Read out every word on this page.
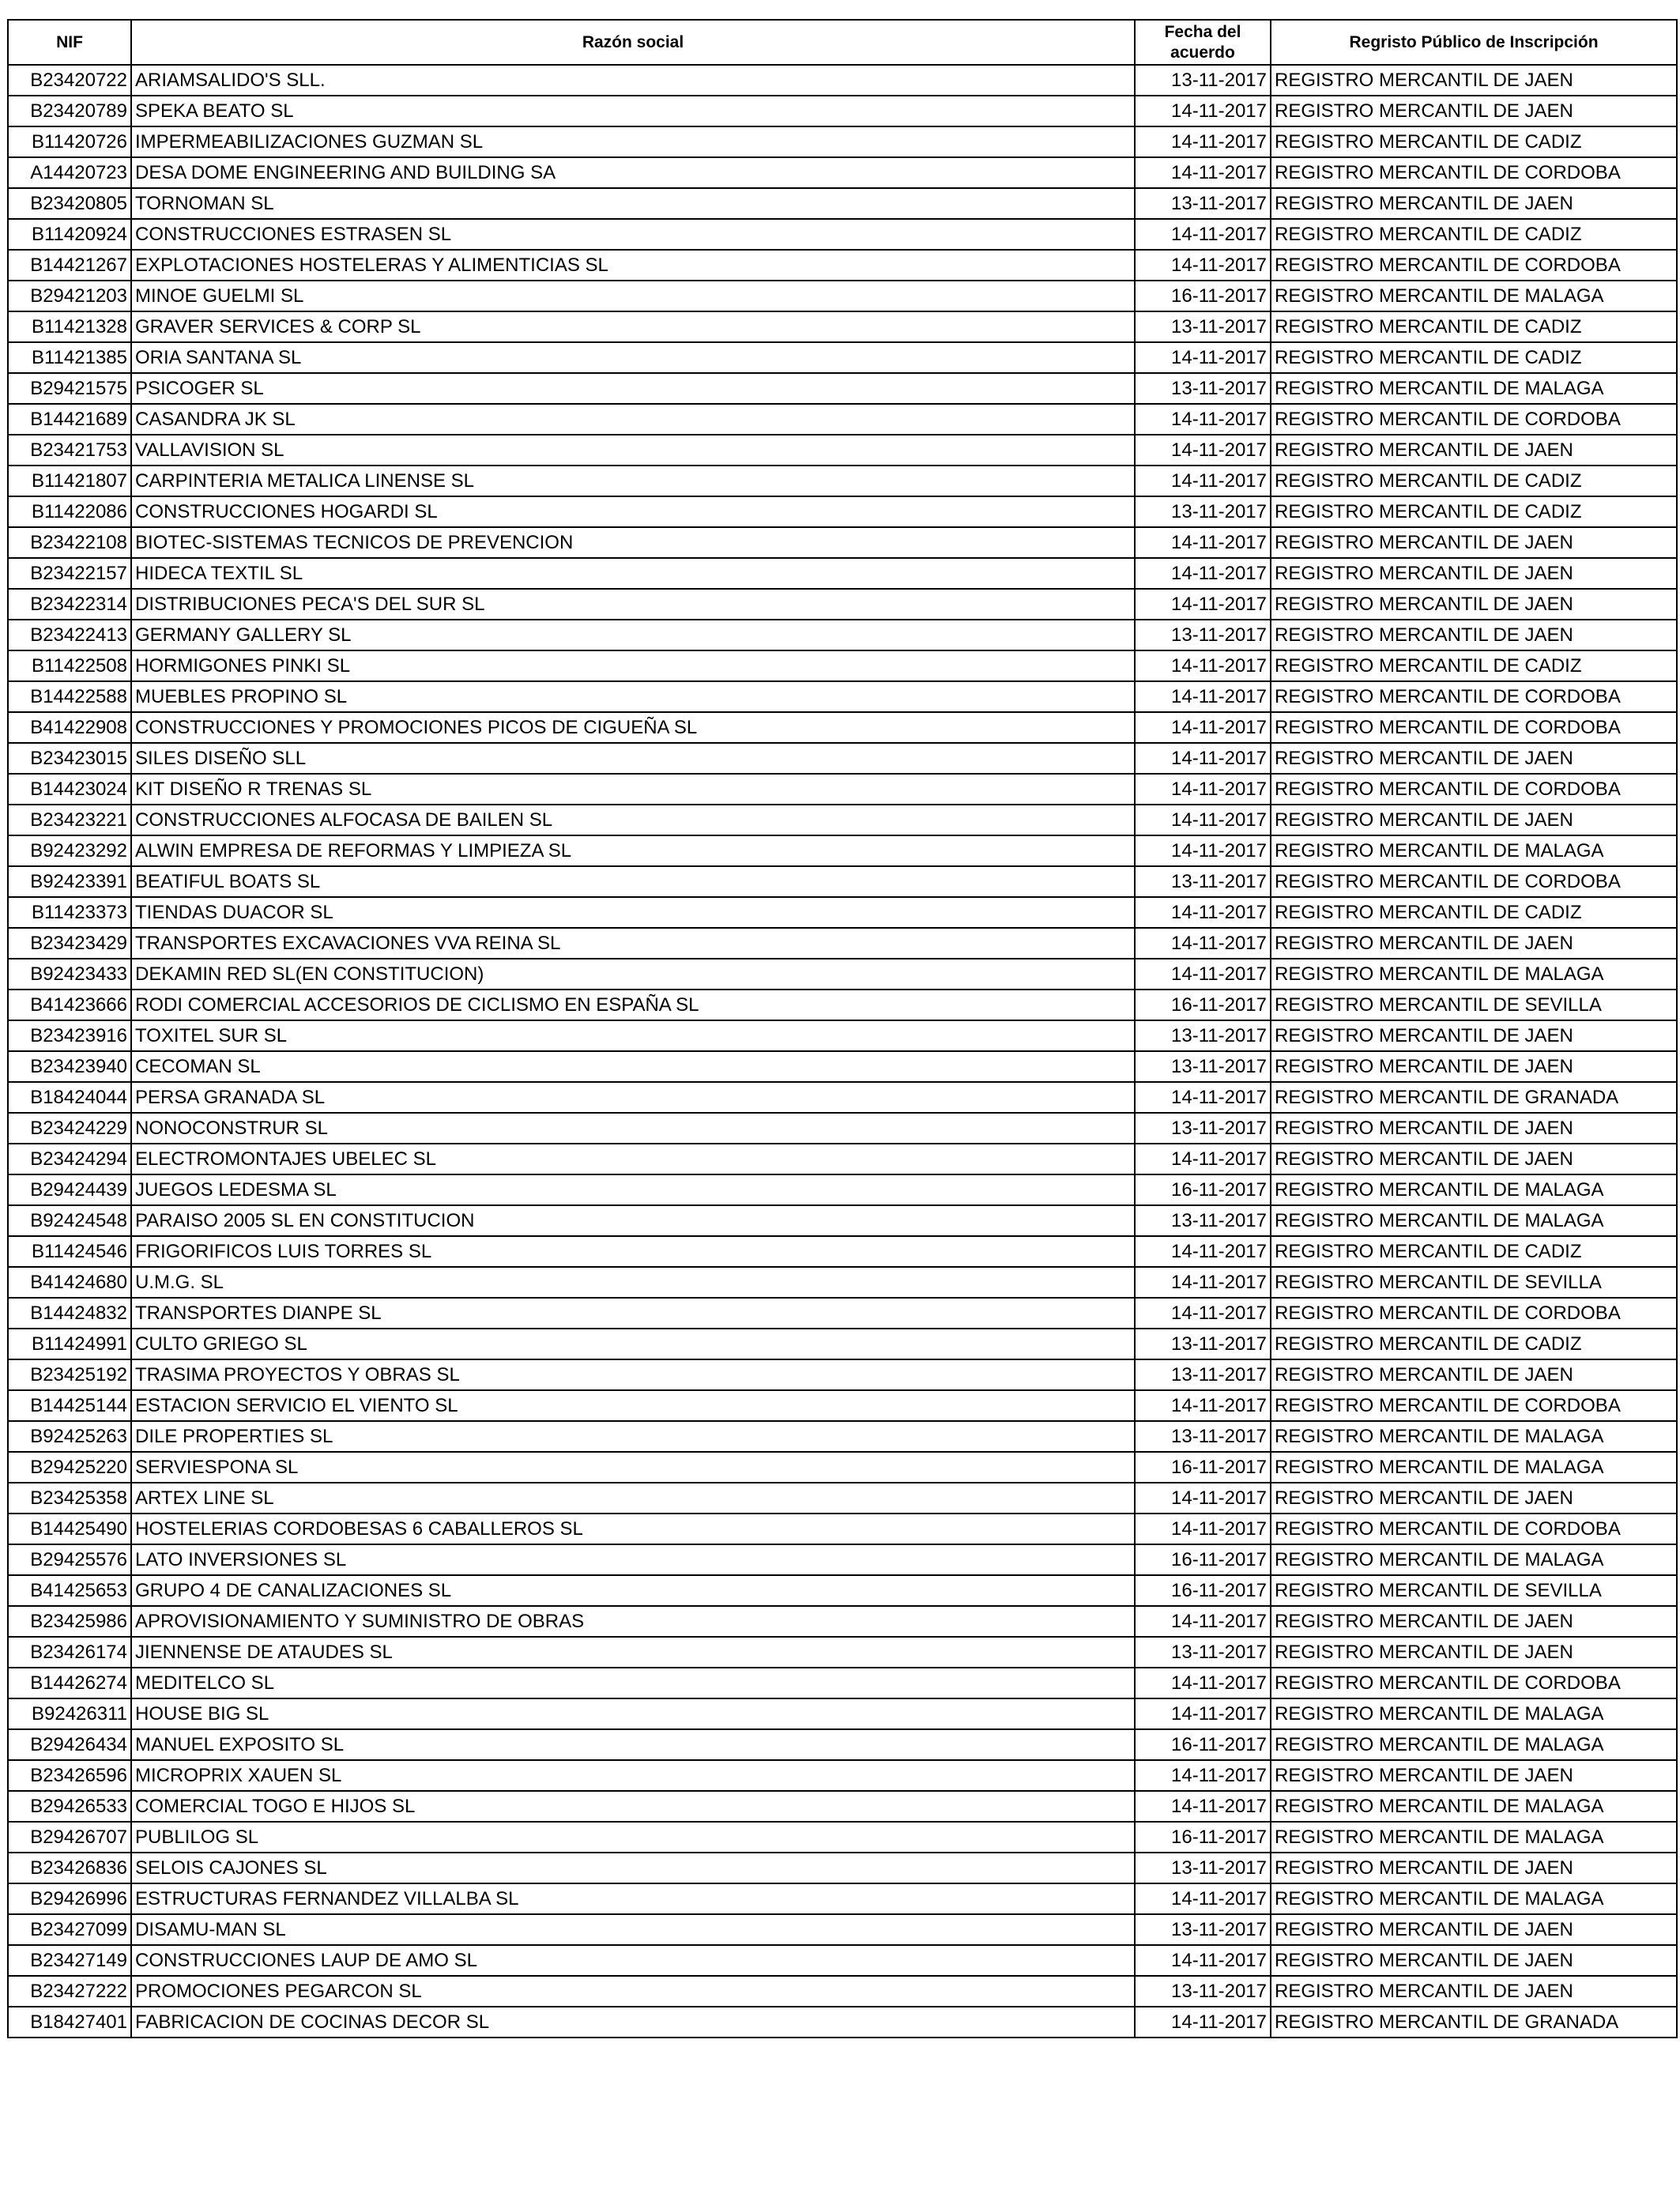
NIF	Razón social	Fecha del acuerdo	Regristo Público de Inscripción
B23420722	ARIAMSALIDO'S SLL.	13-11-2017	REGISTRO MERCANTIL DE JAEN
B23420789	SPEKA BEATO SL	14-11-2017	REGISTRO MERCANTIL DE JAEN
B11420726	IMPERMEABILIZACIONES GUZMAN SL	14-11-2017	REGISTRO MERCANTIL DE CADIZ
A14420723	DESA DOME ENGINEERING AND BUILDING SA	14-11-2017	REGISTRO MERCANTIL DE CORDOBA
B23420805	TORNOMAN SL	13-11-2017	REGISTRO MERCANTIL DE JAEN
B11420924	CONSTRUCCIONES ESTRASEN SL	14-11-2017	REGISTRO MERCANTIL DE CADIZ
B14421267	EXPLOTACIONES HOSTELERAS Y ALIMENTICIAS SL	14-11-2017	REGISTRO MERCANTIL DE CORDOBA
B29421203	MINOE GUELMI SL	16-11-2017	REGISTRO MERCANTIL DE MALAGA
B11421328	GRAVER SERVICES & CORP SL	13-11-2017	REGISTRO MERCANTIL DE CADIZ
B11421385	ORIA SANTANA SL	14-11-2017	REGISTRO MERCANTIL DE CADIZ
B29421575	PSICOGER SL	13-11-2017	REGISTRO MERCANTIL DE MALAGA
B14421689	CASANDRA JK SL	14-11-2017	REGISTRO MERCANTIL DE CORDOBA
B23421753	VALLAVISION SL	14-11-2017	REGISTRO MERCANTIL DE JAEN
B11421807	CARPINTERIA METALICA LINENSE SL	14-11-2017	REGISTRO MERCANTIL DE CADIZ
B11422086	CONSTRUCCIONES HOGARDI SL	13-11-2017	REGISTRO MERCANTIL DE CADIZ
B23422108	BIOTEC-SISTEMAS TECNICOS DE PREVENCION	14-11-2017	REGISTRO MERCANTIL DE JAEN
B23422157	HIDECA TEXTIL SL	14-11-2017	REGISTRO MERCANTIL DE JAEN
B23422314	DISTRIBUCIONES PECA'S DEL SUR SL	14-11-2017	REGISTRO MERCANTIL DE JAEN
B23422413	GERMANY GALLERY SL	13-11-2017	REGISTRO MERCANTIL DE JAEN
B11422508	HORMIGONES PINKI SL	14-11-2017	REGISTRO MERCANTIL DE CADIZ
B14422588	MUEBLES PROPINO SL	14-11-2017	REGISTRO MERCANTIL DE CORDOBA
B41422908	CONSTRUCCIONES Y PROMOCIONES PICOS DE CIGUEÑA SL	14-11-2017	REGISTRO MERCANTIL DE CORDOBA
B23423015	SILES DISEÑO SLL	14-11-2017	REGISTRO MERCANTIL DE JAEN
B14423024	KIT DISEÑO R TRENAS SL	14-11-2017	REGISTRO MERCANTIL DE CORDOBA
B23423221	CONSTRUCCIONES ALFOCASA DE BAILEN SL	14-11-2017	REGISTRO MERCANTIL DE JAEN
B92423292	ALWIN EMPRESA DE REFORMAS Y LIMPIEZA SL	14-11-2017	REGISTRO MERCANTIL DE MALAGA
B92423391	BEATIFUL BOATS SL	13-11-2017	REGISTRO MERCANTIL DE CORDOBA
B11423373	TIENDAS DUACOR SL	14-11-2017	REGISTRO MERCANTIL DE CADIZ
B23423429	TRANSPORTES EXCAVACIONES VVA REINA SL	14-11-2017	REGISTRO MERCANTIL DE JAEN
B92423433	DEKAMIN RED SL(EN CONSTITUCION)	14-11-2017	REGISTRO MERCANTIL DE MALAGA
B41423666	RODI COMERCIAL ACCESORIOS DE CICLISMO EN ESPAÑA SL	16-11-2017	REGISTRO MERCANTIL DE SEVILLA
B23423916	TOXITEL SUR SL	13-11-2017	REGISTRO MERCANTIL DE JAEN
B23423940	CECOMAN SL	13-11-2017	REGISTRO MERCANTIL DE JAEN
B18424044	PERSA GRANADA SL	14-11-2017	REGISTRO MERCANTIL DE GRANADA
B23424229	NONOCONSTRUR SL	13-11-2017	REGISTRO MERCANTIL DE JAEN
B23424294	ELECTROMONTAJES UBELEC SL	14-11-2017	REGISTRO MERCANTIL DE JAEN
B29424439	JUEGOS LEDESMA SL	16-11-2017	REGISTRO MERCANTIL DE MALAGA
B92424548	PARAISO 2005 SL EN CONSTITUCION	13-11-2017	REGISTRO MERCANTIL DE MALAGA
B11424546	FRIGORIFICOS LUIS TORRES SL	14-11-2017	REGISTRO MERCANTIL DE CADIZ
B41424680	U.M.G. SL	14-11-2017	REGISTRO MERCANTIL DE SEVILLA
B14424832	TRANSPORTES DIANPE SL	14-11-2017	REGISTRO MERCANTIL DE CORDOBA
B11424991	CULTO GRIEGO SL	13-11-2017	REGISTRO MERCANTIL DE CADIZ
B23425192	TRASIMA PROYECTOS Y OBRAS SL	13-11-2017	REGISTRO MERCANTIL DE JAEN
B14425144	ESTACION SERVICIO EL VIENTO SL	14-11-2017	REGISTRO MERCANTIL DE CORDOBA
B92425263	DILE PROPERTIES SL	13-11-2017	REGISTRO MERCANTIL DE MALAGA
B29425220	SERVIESPONA SL	16-11-2017	REGISTRO MERCANTIL DE MALAGA
B23425358	ARTEX LINE SL	14-11-2017	REGISTRO MERCANTIL DE JAEN
B14425490	HOSTELERIAS CORDOBESAS 6 CABALLEROS SL	14-11-2017	REGISTRO MERCANTIL DE CORDOBA
B29425576	LATO INVERSIONES SL	16-11-2017	REGISTRO MERCANTIL DE MALAGA
B41425653	GRUPO 4 DE CANALIZACIONES SL	16-11-2017	REGISTRO MERCANTIL DE SEVILLA
B23425986	APROVISIONAMIENTO Y SUMINISTRO DE OBRAS	14-11-2017	REGISTRO MERCANTIL DE JAEN
B23426174	JIENNENSE DE ATAUDES SL	13-11-2017	REGISTRO MERCANTIL DE JAEN
B14426274	MEDITELCO SL	14-11-2017	REGISTRO MERCANTIL DE CORDOBA
B92426311	HOUSE BIG SL	14-11-2017	REGISTRO MERCANTIL DE MALAGA
B29426434	MANUEL EXPOSITO SL	16-11-2017	REGISTRO MERCANTIL DE MALAGA
B23426596	MICROPRIX XAUEN SL	14-11-2017	REGISTRO MERCANTIL DE JAEN
B29426533	COMERCIAL TOGO E HIJOS SL	14-11-2017	REGISTRO MERCANTIL DE MALAGA
B29426707	PUBLILOG SL	16-11-2017	REGISTRO MERCANTIL DE MALAGA
B23426836	SELOIS CAJONES SL	13-11-2017	REGISTRO MERCANTIL DE JAEN
B29426996	ESTRUCTURAS FERNANDEZ VILLALBA SL	14-11-2017	REGISTRO MERCANTIL DE MALAGA
B23427099	DISAMU-MAN SL	13-11-2017	REGISTRO MERCANTIL DE JAEN
B23427149	CONSTRUCCIONES LAUP DE AMO SL	14-11-2017	REGISTRO MERCANTIL DE JAEN
B23427222	PROMOCIONES PEGARCON SL	13-11-2017	REGISTRO MERCANTIL DE JAEN
B18427401	FABRICACION DE COCINAS DECOR SL	14-11-2017	REGISTRO MERCANTIL DE GRANADA
